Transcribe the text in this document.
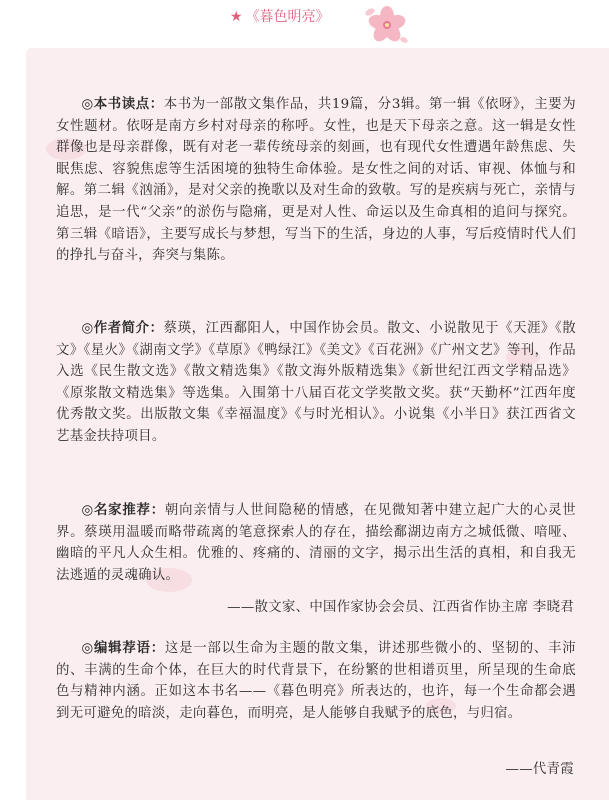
★ 《暮色明亮》

◎本书读点：本书为一部散文集作品，共19篇，分3辑。第一辑《依呀》，主要为女性题材。依呀是南方乡村对母亲的称呼。女性，也是天下母亲之意。这一辑是女性群像也是母亲群像，既有对老一辈传统母亲的刻画，也有现代女性遭遇年龄焦虑、失眠焦虑、容貌焦虑等生活困境的独特生命体验。是女性之间的对话、审视、体恤与和解。第二辑《汹涌》，是对父亲的挽歌以及对生命的致敬。写的是疾病与死亡，亲情与追思，是一代“父亲”的淤伤与隐痛，更是对人性、命运以及生命真相的追问与探究。第三辑《暗语》，主要写成长与梦想，写当下的生活，身边的人事，写后疫情时代人们的挣扎与奋斗，奔突与集陈。

◎作者简介：蔡瑛，江西鄱阳人，中国作协会员。散文、小说散见于《天涯》《散文》《星火》《湖南文学》《草原》《鸭绿江》《美文》《百花洲》《广州文艺》等刊，作品入选《民生散文选》《散文精选集》《散文海外版精选集》《新世纪江西文学精品选》《原浆散文精选集》等选集。入围第十八届百花文学奖散文奖。获“天勤杯”江西年度优秀散文奖。出版散文集《幸福温度》《与时光相认》。小说集《小半日》获江西省文艺基金扶持项目。

◎名家推荐：朝向亲情与人世间隐秘的情感，在见微知著中建立起广大的心灵世界。蔡瑛用温暖而略带疏离的笔意探索人的存在，描绘鄱湖边南方之城低微、喑哑、幽暗的平凡人众生相。优雅的、疼痛的、清丽的文字，揭示出生活的真相，和自我无法逃遁的灵魂确认。

——散文家、中国作家协会会员、江西省作协主席 李晓君

◎编辑荐语：这是一部以生命为主题的散文集，讲述那些微小的、坚韧的、丰沛的、丰满的生命个体，在巨大的时代背景下，在纷繁的世相谱页里，所呈现的生命底色与精神内涵。正如这本书名——《暮色明亮》所表达的，也许，每一个生命都会遇到无可避免的暗淡，走向暮色，而明亮，是人能够自我赋予的底色，与归宿。

——代青霞
